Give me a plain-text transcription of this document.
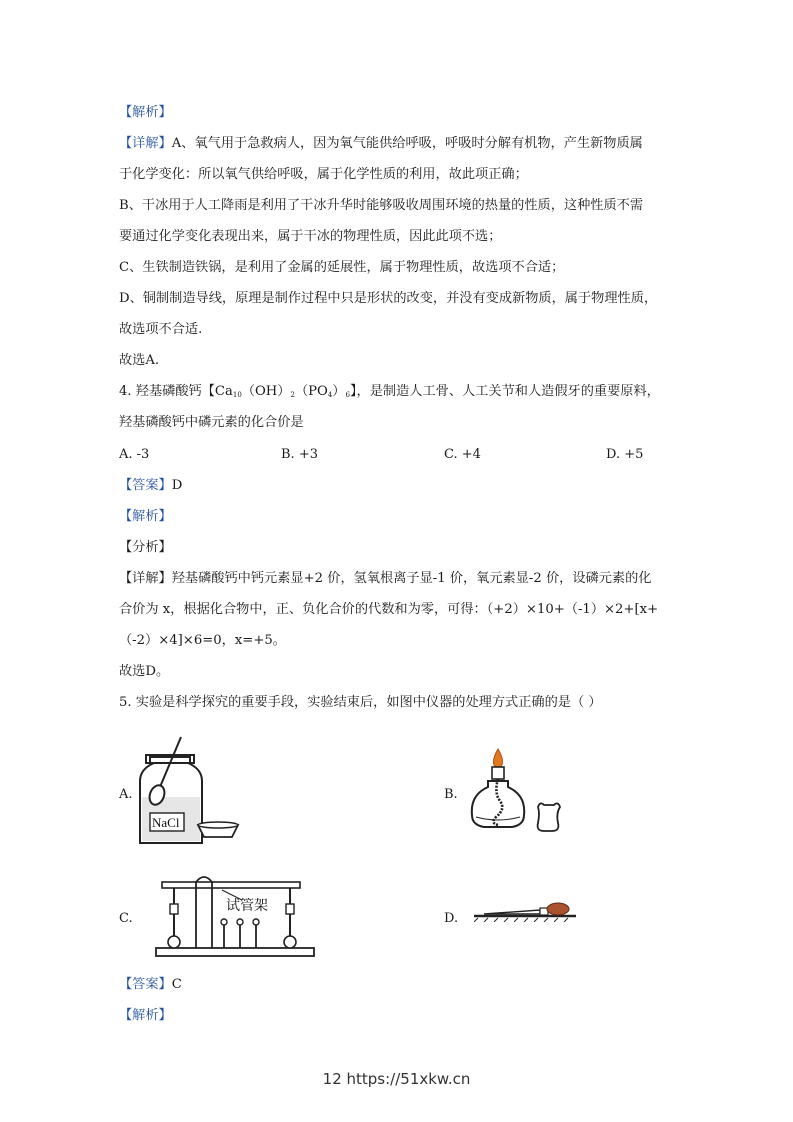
【解析】
【详解】A、氧气用于急救病人，因为氧气能供给呼吸，呼吸时分解有机物，产生新物质属
于化学变化：所以氧气供给呼吸，属于化学性质的利用，故此项正确；
B、干冰用于人工降雨是利用了干冰升华时能够吸收周围环境的热量的性质，这种性质不需
要通过化学变化表现出来，属于干冰的物理性质，因此此项不选；
C、生铁制造铁锅，是利用了金属的延展性，属于物理性质，故选项不合适；
D、铜制制造导线，原理是制作过程中只是形状的改变，并没有变成新物质，属于物理性质，
故选项不合适.
故选A.
4. 羟基磷酸钙【$Ca_{10}(OH)_2(PO_4)_6$】，是制造人工骨、人工关节和人造假牙的重要原料，
羟基磷酸钙中磷元素的化合价是
A. -3	B. +3	C. +4	D. +5
【答案】D
【解析】
【分析】
【详解】羟基磷酸钙中钙元素显+2 价，氢氧根离子显-1 价，氧元素显-2 价，设磷元素的化
合价为 x，根据化合物中，正、负化合价的代数和为零，可得：（+2）×10+（-1）×2+[x+
（-2）×4]×6=0，x=+5。
故选D。
5. 实验是科学探究的重要手段，实验结束后，如图中仪器的处理方式正确的是（ ）
A.	B.
C.	D.
NaCl
试管架
【答案】C
【解析】
12 https://51xkw.cn
